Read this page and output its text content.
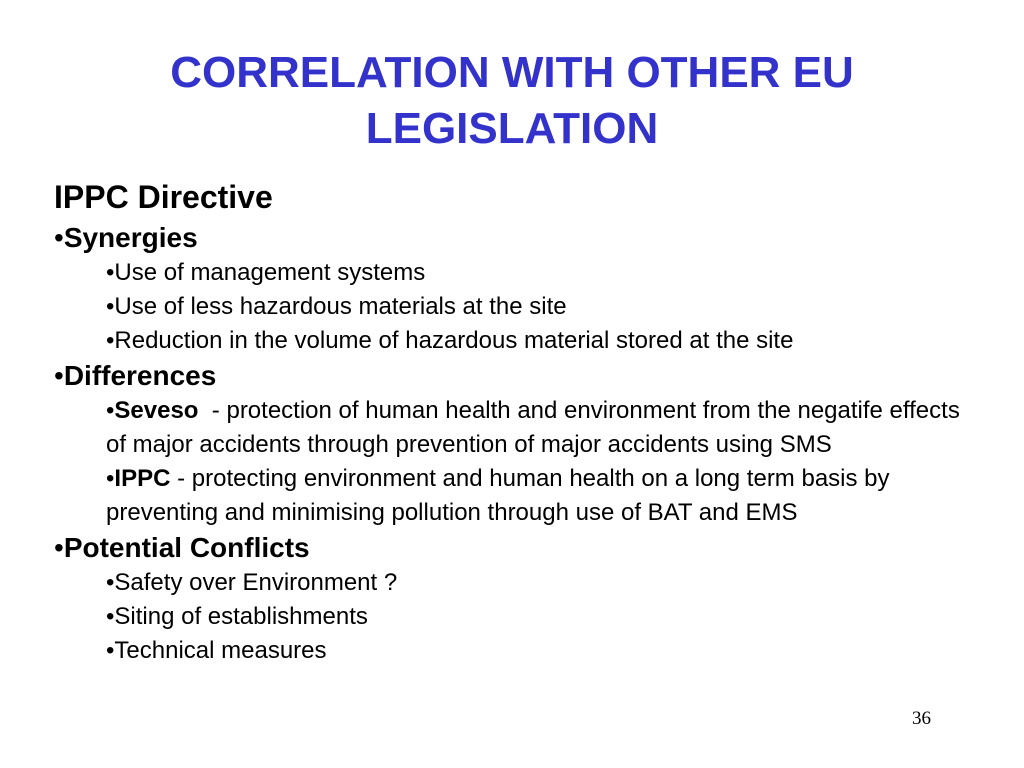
CORRELATION WITH OTHER EU
LEGISLATION

IPPC Directive

•Synergies

•Use of management systems

•Use of less hazardous materials at the site

•Reduction in the volume of hazardous material stored at the site

•Differences

•Seveso  - protection of human health and environment from the negatife effects of major accidents through prevention of major accidents using SMS

•IPPC - protecting environment and human health on a long term basis by preventing and minimising pollution through use of BAT and EMS

•Potential Conflicts

•Safety over Environment ?

•Siting of establishments

•Technical measures

36
